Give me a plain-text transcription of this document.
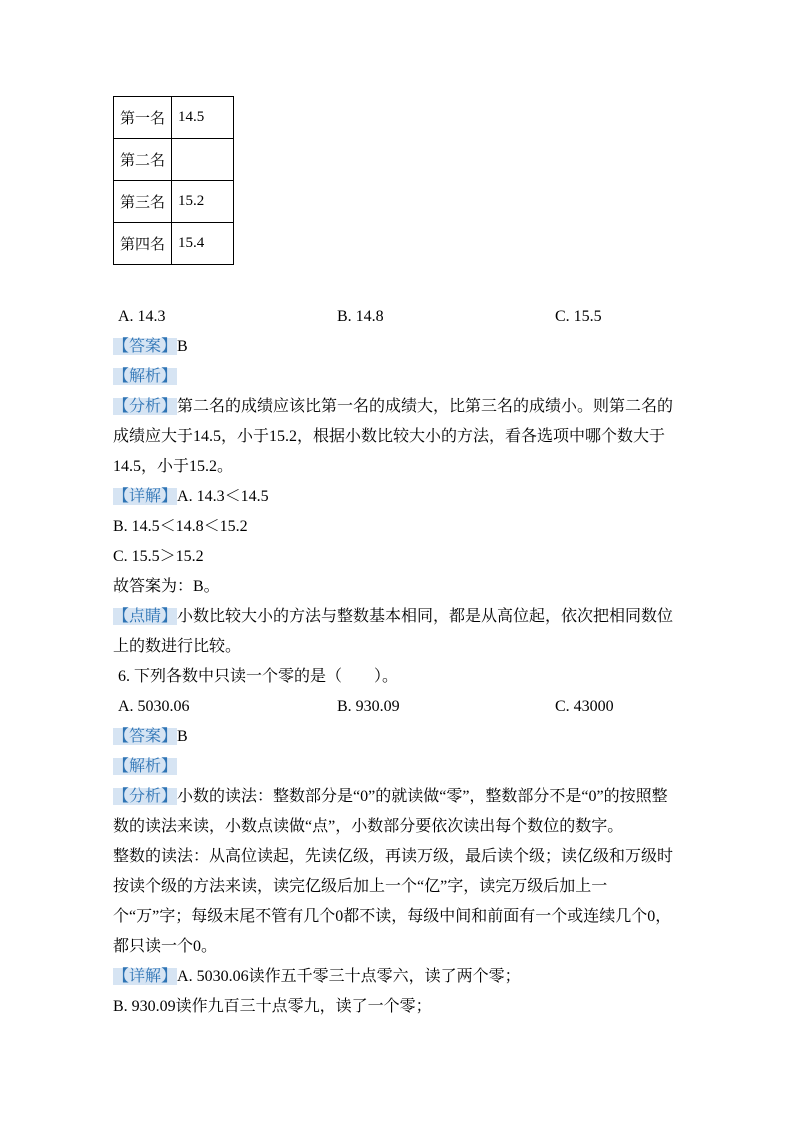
第一名	14.5
第二名	
第三名	15.2
第四名	15.4

A. 14.3	B. 14.8	C. 15.5

【答案】B

【解析】

【分析】第二名的成绩应该比第一名的成绩大，比第三名的成绩小。则第二名的成绩应大于14.5，小于15.2，根据小数比较大小的方法，看各选项中哪个数大于14.5，小于15.2。

【详解】A. 14.3＜14.5

B. 14.5＜14.8＜15.2

C. 15.5＞15.2

故答案为：B。

【点睛】小数比较大小的方法与整数基本相同，都是从高位起，依次把相同数位上的数进行比较。

6. 下列各数中只读一个零的是（　　）。

A. 5030.06	B. 930.09	C. 43000

【答案】B

【解析】

【分析】小数的读法：整数部分是“0”的就读做“零”，整数部分不是“0”的按照整数的读法来读，小数点读做“点”，小数部分要依次读出每个数位的数字。

整数的读法：从高位读起，先读亿级，再读万级，最后读个级；读亿级和万级时按读个级的方法来读，读完亿级后加上一个“亿”字，读完万级后加上一个“万”字；每级末尾不管有几个0都不读，每级中间和前面有一个或连续几个0，都只读一个0。

【详解】A. 5030.06读作五千零三十点零六，读了两个零；

B. 930.09读作九百三十点零九，读了一个零；
